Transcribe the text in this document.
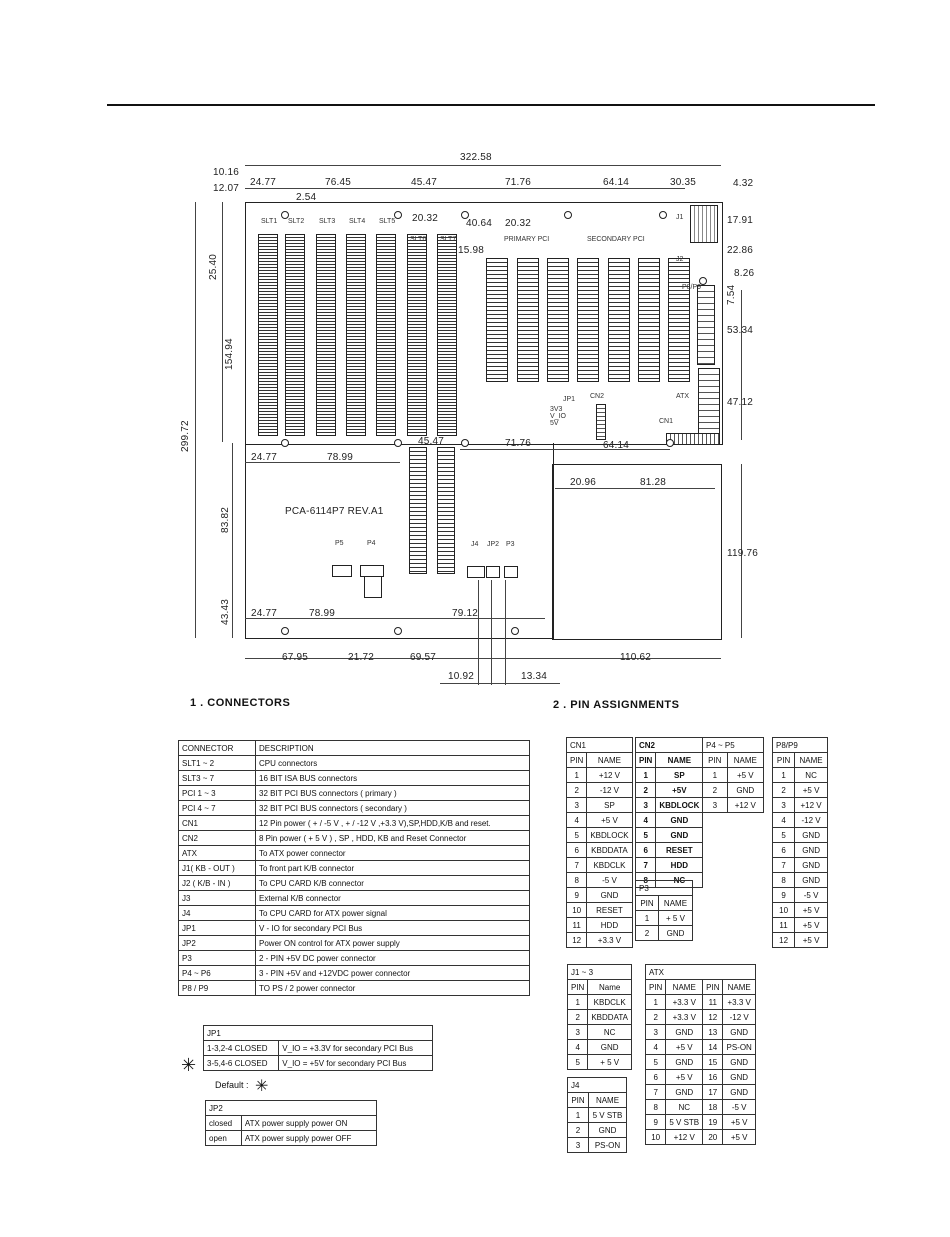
322.58
10.16
12.07
24.77	76.45	45.47	71.76	64.14	30.35	4.32
2.54
20.32	40.64 20.32
15.98
17.91
22.86
8.26
7.54
53.34
47.12
299.72
25.40
154.94
83.82
43.43
24.77	78.99
45.47	71.76	64.14
20.96	81.28
119.76
24.77	78.99	79.12
67.95	21.72	69.57	110.62
10.92	13.34
SLT1 SLT2 SLT3 SLT4 SLT5
SLT6 SLT7	PRIMARY PCI	SECONDARY PCI
ATX
CN1
CN2
JP1
3V3 V_IO 5V
J1
J2
P8/P9
P5	P4	J4 JP2 P3
PCA-6114P7 REV.A1
1 . CONNECTORS	2 . PIN ASSIGNMENTS
CONNECTOR	DESCRIPTION
SLT1 ~ 2	CPU connectors
SLT3 ~ 7	16 BIT ISA BUS connectors
PCI 1 ~ 3	32 BIT PCI BUS connectors ( primary )
PCI 4 ~ 7	32 BIT PCI BUS connectors ( secondary )
CN1	12 Pin power ( + / -5 V , + / -12 V ,+3.3 V),SP,HDD,K/B and reset.
CN2	8 Pin power ( + 5 V ) , SP , HDD, KB and Reset Connector
ATX	To ATX power connector
J1( KB - OUT )	To front part K/B connector
J2 ( K/B - IN )	To CPU CARD K/B connector
J3	External K/B connector
J4	To CPU CARD for ATX power signal
JP1	V - IO for secondary PCI Bus
JP2	Power ON control for ATX power supply
P3	2 - PIN +5V DC power connector
P4 ~ P6	3 - PIN +5V and +12VDC power connector
P8 / P9	TO PS / 2 power connector
JP1	
1-3,2-4 CLOSED	V_IO = +3.3V for secondary PCI Bus
3-5,4-6 CLOSED	V_IO = +5V for secondary PCI Bus
✳
Default : ✳
JP2	
closed	ATX power supply power ON
open	ATX power supply power OFF
CN1	
PIN	NAME
1	+12 V
2	-12 V
3	SP
4	+5 V
5	KBDLOCK
6	KBDDATA
7	KBDCLK
8	-5 V
9	GND
10	RESET
11	HDD
12	+3.3 V
CN2	
PIN	NAME
1	SP
2	+5V
3	KBDLOCK
4	GND
5	GND
6	RESET
7	HDD
8	NC
P4 ~ P5	
PIN	NAME
1	+5 V
2	GND
3	+12 V
P8/P9	
PIN	NAME
1	NC
2	+5 V
3	+12 V
4	-12 V
5	GND
6	GND
7	GND
8	GND
9	-5 V
10	+5 V
11	+5 V
12	+5 V
P3	
PIN	NAME
1	+ 5 V
2	GND
J1 ~ 3	
PIN	Name
1	KBDCLK
2	KBDDATA
3	NC
4	GND
5	+ 5 V
ATX			
PIN	NAME	PIN	NAME
1	+3.3 V	11	+3.3 V
2	+3.3 V	12	-12 V
3	GND	13	GND
4	+5 V	14	PS-ON
5	GND	15	GND
6	+5 V	16	GND
7	GND	17	GND
8	NC	18	-5 V
9	5 V STB	19	+5 V
10	+12 V	20	+5 V
J4	
PIN	NAME
1	5 V STB
2	GND
3	PS-ON
